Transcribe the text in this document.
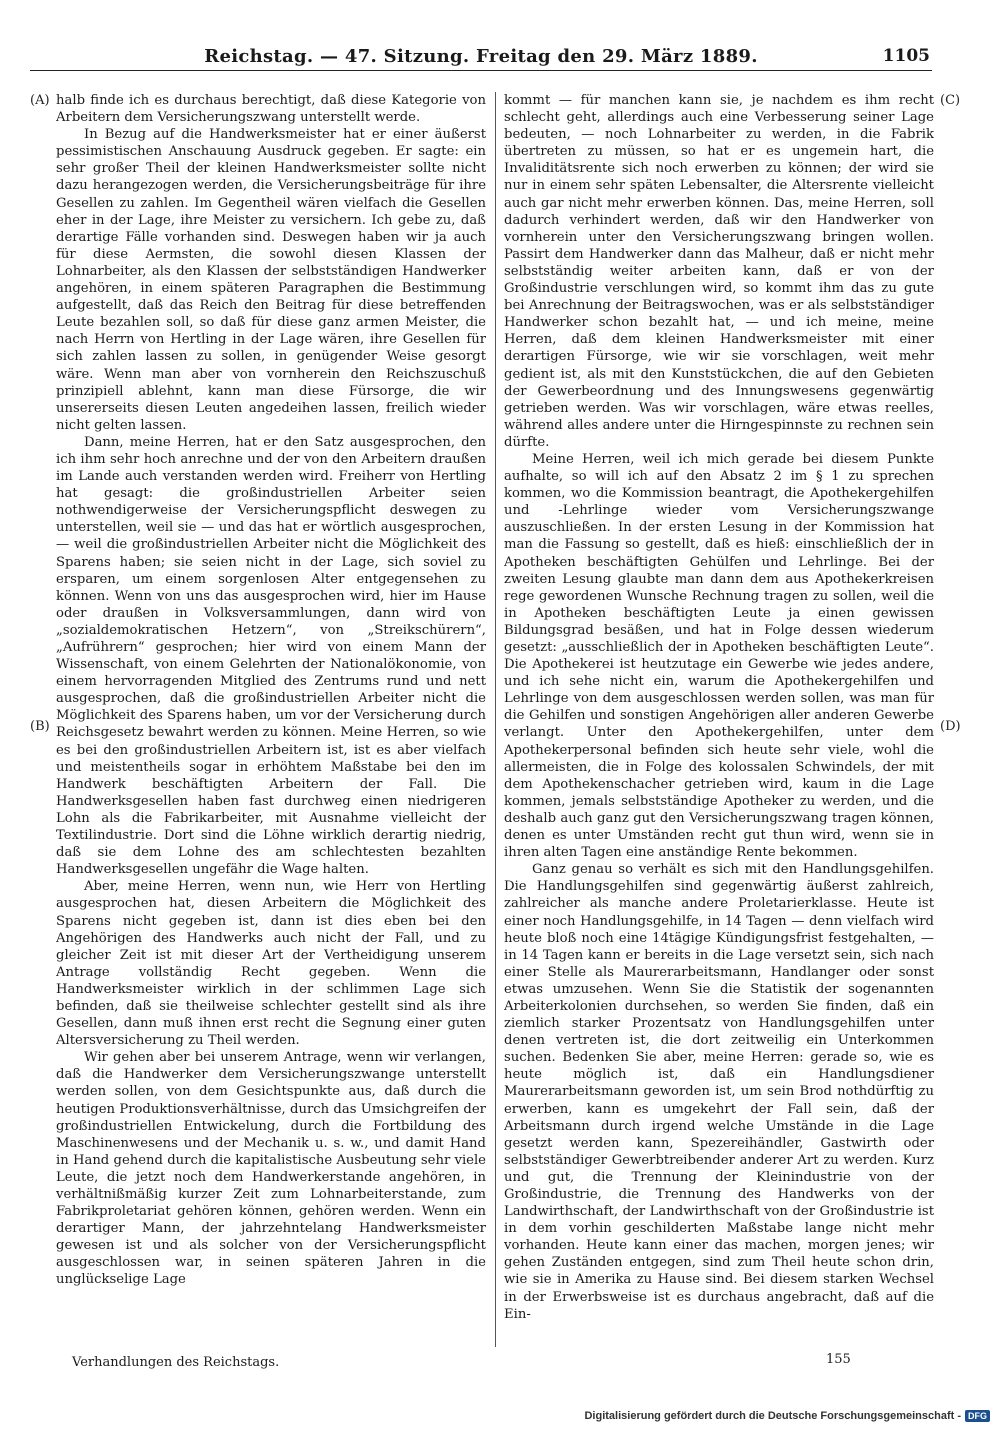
Reichstag. — 47. Sitzung. Freitag den 29. März 1889.	1105
(A)
(B)
(C)
(D)

halb finde ich es durchaus berechtigt, daß diese Kategorie von Arbeitern dem Versicherungszwang unterstellt werde.

In Bezug auf die Handwerksmeister hat er einer äußerst pessimistischen Anschauung Ausdruck gegeben. Er sagte: ein sehr großer Theil der kleinen Handwerksmeister sollte nicht dazu herangezogen werden, die Versicherungsbeiträge für ihre Gesellen zu zahlen. Im Gegentheil wären vielfach die Gesellen eher in der Lage, ihre Meister zu versichern. Ich gebe zu, daß derartige Fälle vorhanden sind. Deswegen haben wir ja auch für diese Aermsten, die sowohl diesen Klassen der Lohnarbeiter, als den Klassen der selbstständigen Handwerker angehören, in einem späteren Paragraphen die Bestimmung aufgestellt, daß das Reich den Beitrag für diese betreffenden Leute bezahlen soll, so daß für diese ganz armen Meister, die nach Herrn von Hertling in der Lage wären, ihre Gesellen für sich zahlen lassen zu sollen, in genügender Weise gesorgt wäre. Wenn man aber von vornherein den Reichszuschuß prinzipiell ablehnt, kann man diese Fürsorge, die wir unsererseits diesen Leuten angedeihen lassen, freilich wieder nicht gelten lassen.

Dann, meine Herren, hat er den Satz ausgesprochen, den ich ihm sehr hoch anrechne und der von den Arbeitern draußen im Lande auch verstanden werden wird. Freiherr von Hertling hat gesagt: die großindustriellen Arbeiter seien nothwendigerweise der Versicherungspflicht deswegen zu unterstellen, weil sie — und das hat er wörtlich ausgesprochen, — weil die großindustriellen Arbeiter nicht die Möglichkeit des Sparens haben; sie seien nicht in der Lage, sich soviel zu ersparen, um einem sorgenlosen Alter entgegensehen zu können. Wenn von uns das ausgesprochen wird, hier im Hause oder draußen in Volksversammlungen, dann wird von „sozialdemokratischen Hetzern“, von „Streikschürern“, „Aufrührern“ gesprochen; hier wird von einem Mann der Wissenschaft, von einem Gelehrten der Nationalökonomie, von einem hervorragenden Mitglied des Zentrums rund und nett ausgesprochen, daß die großindustriellen Arbeiter nicht die Möglichkeit des Sparens haben, um vor der Versicherung durch Reichsgesetz bewahrt werden zu können. Meine Herren, so wie es bei den großindustriellen Arbeitern ist, ist es aber vielfach und meistentheils sogar in erhöhtem Maßstabe bei den im Handwerk beschäftigten Arbeitern der Fall. Die Handwerksgesellen haben fast durchweg einen niedrigeren Lohn als die Fabrikarbeiter, mit Ausnahme vielleicht der Textilindustrie. Dort sind die Löhne wirklich derartig niedrig, daß sie dem Lohne des am schlechtesten bezahlten Handwerksgesellen ungefähr die Wage halten.

Aber, meine Herren, wenn nun, wie Herr von Hertling ausgesprochen hat, diesen Arbeitern die Möglichkeit des Sparens nicht gegeben ist, dann ist dies eben bei den Angehörigen des Handwerks auch nicht der Fall, und zu gleicher Zeit ist mit dieser Art der Vertheidigung unserem Antrage vollständig Recht gegeben. Wenn die Handwerksmeister wirklich in der schlimmen Lage sich befinden, daß sie theilweise schlechter gestellt sind als ihre Gesellen, dann muß ihnen erst recht die Segnung einer guten Altersversicherung zu Theil werden.

Wir gehen aber bei unserem Antrage, wenn wir verlangen, daß die Handwerker dem Versicherungszwange unterstellt werden sollen, von dem Gesichtspunkte aus, daß durch die heutigen Produktionsverhältnisse, durch das Umsichgreifen der großindustriellen Entwickelung, durch die Fortbildung des Maschinenwesens und der Mechanik u. s. w., und damit Hand in Hand gehend durch die kapitalistische Ausbeutung sehr viele Leute, die jetzt noch dem Handwerkerstande angehören, in verhältnißmäßig kurzer Zeit zum Lohnarbeiterstande, zum Fabrikproletariat gehören können, gehören werden. Wenn ein derartiger Mann, der jahrzehntelang Handwerksmeister gewesen ist und als solcher von der Versicherungspflicht ausgeschlossen war, in seinen späteren Jahren in die unglückselige Lage

kommt — für manchen kann sie, je nachdem es ihm recht schlecht geht, allerdings auch eine Verbesserung seiner Lage bedeuten, — noch Lohnarbeiter zu werden, in die Fabrik übertreten zu müssen, so hat er es ungemein hart, die Invaliditätsrente sich noch erwerben zu können; der wird sie nur in einem sehr späten Lebensalter, die Altersrente vielleicht auch gar nicht mehr erwerben können. Das, meine Herren, soll dadurch verhindert werden, daß wir den Handwerker von vornherein unter den Versicherungszwang bringen wollen. Passirt dem Handwerker dann das Malheur, daß er nicht mehr selbstständig weiter arbeiten kann, daß er von der Großindustrie verschlungen wird, so kommt ihm das zu gute bei Anrechnung der Beitragswochen, was er als selbstständiger Handwerker schon bezahlt hat, — und ich meine, meine Herren, daß dem kleinen Handwerksmeister mit einer derartigen Fürsorge, wie wir sie vorschlagen, weit mehr gedient ist, als mit den Kunststückchen, die auf den Gebieten der Gewerbeordnung und des Innungswesens gegenwärtig getrieben werden. Was wir vorschlagen, wäre etwas reelles, während alles andere unter die Hirngespinnste zu rechnen sein dürfte.

Meine Herren, weil ich mich gerade bei diesem Punkte aufhalte, so will ich auf den Absatz 2 im § 1 zu sprechen kommen, wo die Kommission beantragt, die Apothekergehilfen und -Lehrlinge wieder vom Versicherungszwange auszuschließen. In der ersten Lesung in der Kommission hat man die Fassung so gestellt, daß es hieß: einschließlich der in Apotheken beschäftigten Gehülfen und Lehrlinge. Bei der zweiten Lesung glaubte man dann dem aus Apothekerkreisen rege gewordenen Wunsche Rechnung tragen zu sollen, weil die in Apotheken beschäftigten Leute ja einen gewissen Bildungsgrad besäßen, und hat in Folge dessen wiederum gesetzt: „ausschließlich der in Apotheken beschäftigten Leute“. Die Apothekerei ist heutzutage ein Gewerbe wie jedes andere, und ich sehe nicht ein, warum die Apothekergehilfen und Lehrlinge von dem ausgeschlossen werden sollen, was man für die Gehilfen und sonstigen Angehörigen aller anderen Gewerbe verlangt. Unter den Apothekergehilfen, unter dem Apothekerpersonal befinden sich heute sehr viele, wohl die allermeisten, die in Folge des kolossalen Schwindels, der mit dem Apothekenschacher getrieben wird, kaum in die Lage kommen, jemals selbstständige Apotheker zu werden, und die deshalb auch ganz gut den Versicherungszwang tragen können, denen es unter Umständen recht gut thun wird, wenn sie in ihren alten Tagen eine anständige Rente bekommen.

Ganz genau so verhält es sich mit den Handlungsgehilfen. Die Handlungsgehilfen sind gegenwärtig äußerst zahlreich, zahlreicher als manche andere Proletarierklasse. Heute ist einer noch Handlungsgehilfe, in 14 Tagen — denn vielfach wird heute bloß noch eine 14tägige Kündigungsfrist festgehalten, — in 14 Tagen kann er bereits in die Lage versetzt sein, sich nach einer Stelle als Maurerarbeitsmann, Handlanger oder sonst etwas umzusehen. Wenn Sie die Statistik der sogenannten Arbeiterkolonien durchsehen, so werden Sie finden, daß ein ziemlich starker Prozentsatz von Handlungsgehilfen unter denen vertreten ist, die dort zeitweilig ein Unterkommen suchen. Bedenken Sie aber, meine Herren: gerade so, wie es heute möglich ist, daß ein Handlungsdiener Maurerarbeitsmann geworden ist, um sein Brod nothdürftig zu erwerben, kann es umgekehrt der Fall sein, daß der Arbeitsmann durch irgend welche Umstände in die Lage gesetzt werden kann, Spezereihändler, Gastwirth oder selbstständiger Gewerbtreibender anderer Art zu werden. Kurz und gut, die Trennung der Kleinindustrie von der Großindustrie, die Trennung des Handwerks von der Landwirthschaft, der Landwirthschaft von der Großindustrie ist in dem vorhin geschilderten Maßstabe lange nicht mehr vorhanden. Heute kann einer das machen, morgen jenes; wir gehen Zuständen entgegen, sind zum Theil heute schon drin, wie sie in Amerika zu Hause sind. Bei diesem starken Wechsel in der Erwerbsweise ist es durchaus angebracht, daß auf die Ein-

Verhandlungen des Reichstags.	155
Digitalisierung gefördert durch die Deutsche Forschungsgemeinschaft - DFG
